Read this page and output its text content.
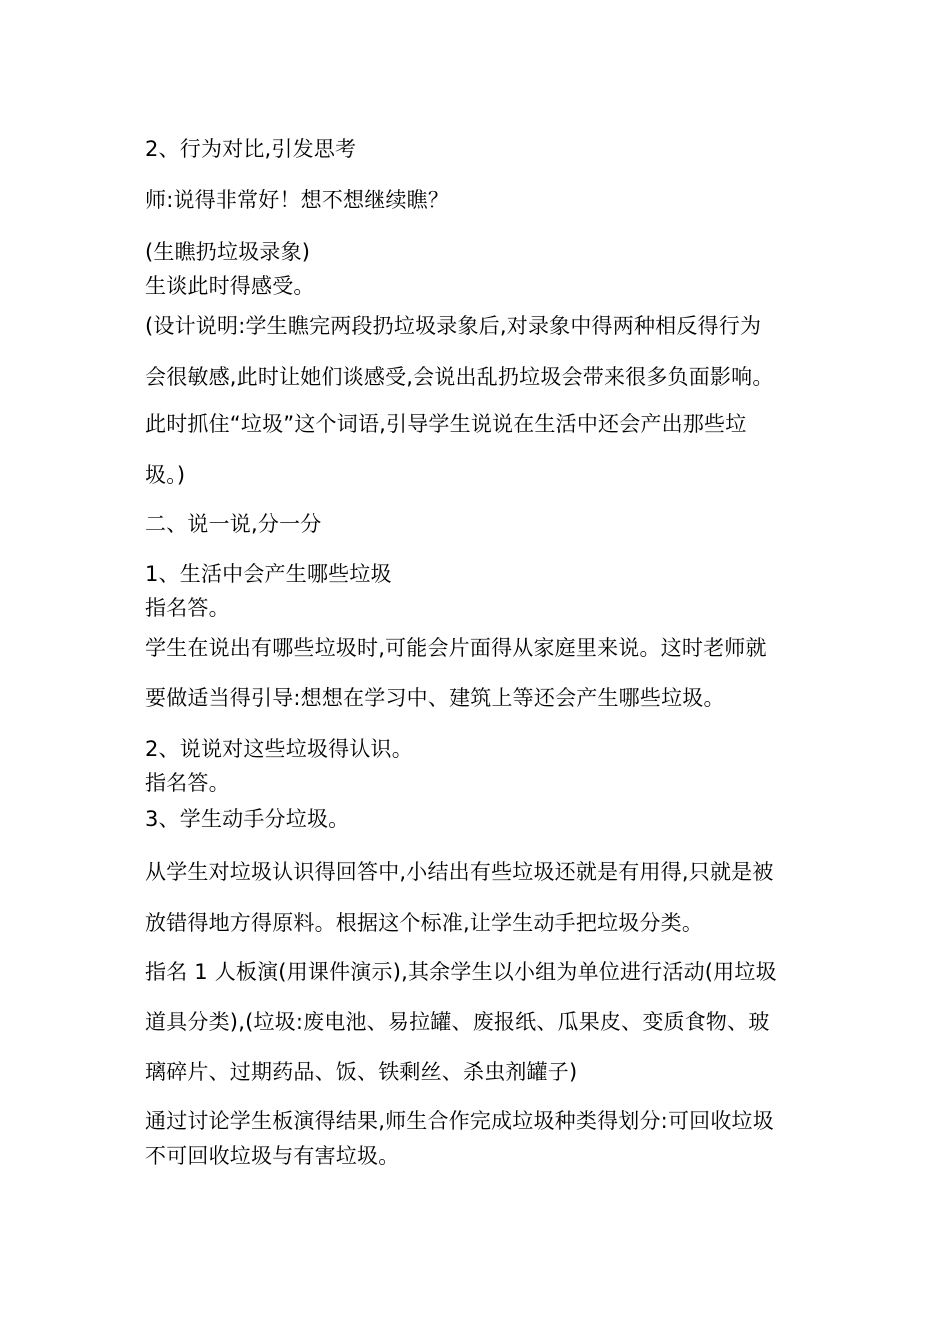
2、行为对比,引发思考
师:说得非常好！想不想继续瞧？
(生瞧扔垃圾录象)
生谈此时得感受。
(设计说明:学生瞧完两段扔垃圾录象后,对录象中得两种相反得行为
会很敏感,此时让她们谈感受,会说出乱扔垃圾会带来很多负面影响。
此时抓住“垃圾”这个词语,引导学生说说在生活中还会产出那些垃
圾。)
二、说一说,分一分
1、生活中会产生哪些垃圾
指名答。
学生在说出有哪些垃圾时,可能会片面得从家庭里来说。这时老师就
要做适当得引导:想想在学习中、建筑上等还会产生哪些垃圾。
2、说说对这些垃圾得认识。
指名答。
3、学生动手分垃圾。
从学生对垃圾认识得回答中,小结出有些垃圾还就是有用得,只就是被
放错得地方得原料。根据这个标准,让学生动手把垃圾分类。
指名 1 人板演(用课件演示),其余学生以小组为单位进行活动(用垃圾
道具分类),(垃圾:废电池、易拉罐、废报纸、瓜果皮、变质食物、玻
璃碎片、过期药品、饭、铁剩丝、杀虫剂罐子)
通过讨论学生板演得结果,师生合作完成垃圾种类得划分:可回收垃圾
不可回收垃圾与有害垃圾。
